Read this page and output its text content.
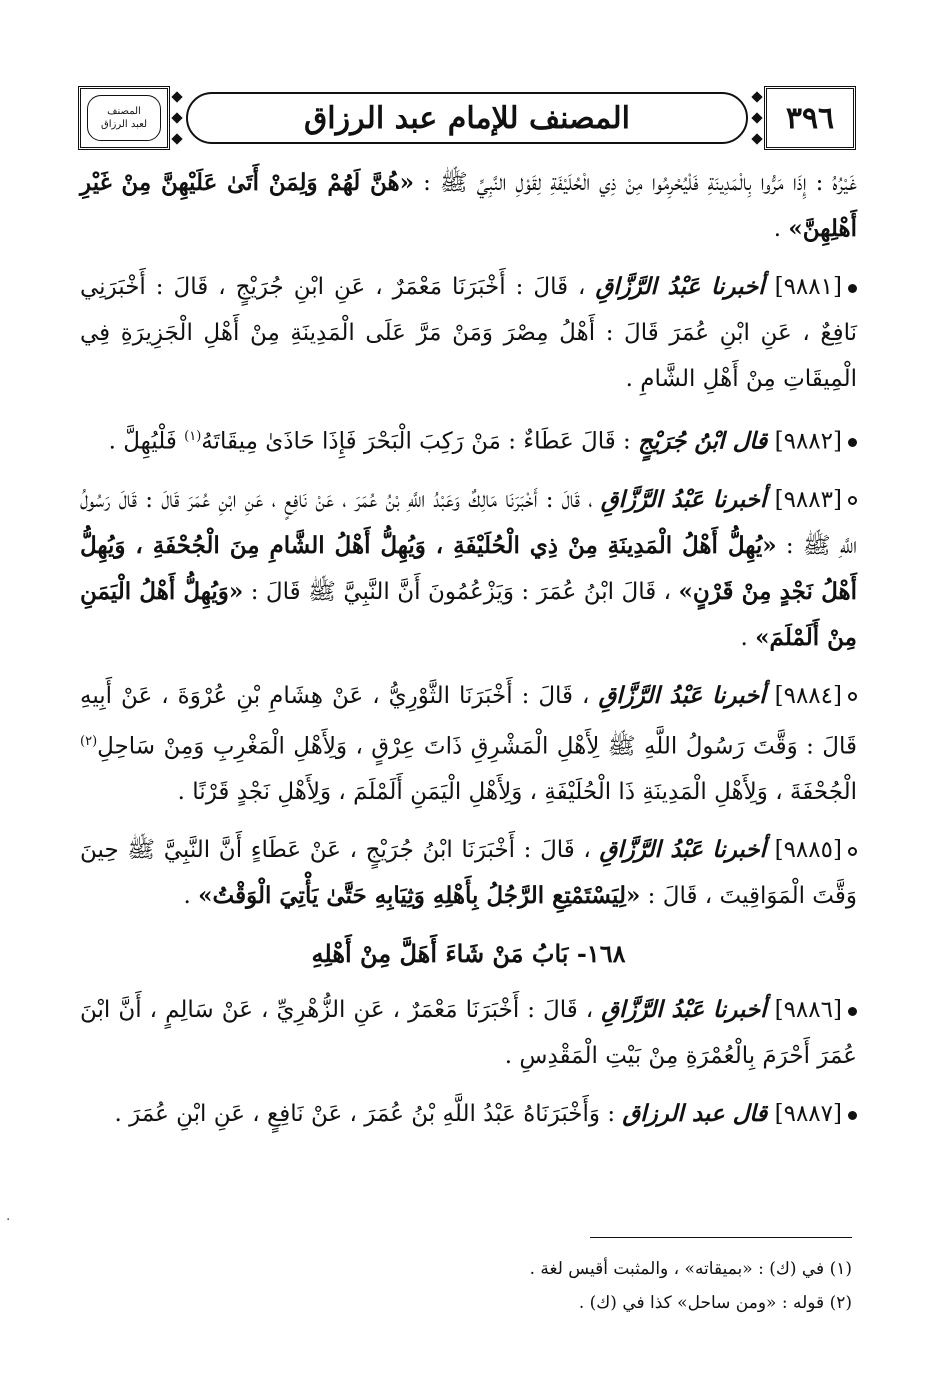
المصنف
لعبد الرزاق	المصنف للإمام عبد الرزاق	٣٩٦

غَيْرُهُ : إِذَا مَرُّوا بِالْمَدِينَةِ فَلْيُحْرِمُوا مِنْ ذِي الْحُلَيْفَةِ لِقَوْلِ النَّبِيِّ ﷺ : «هُنَّ لَهُمْ وَلِمَنْ أَتَىٰ عَلَيْهِنَّ مِنْ غَيْرِ أَهْلِهِنَّ» .

[٩٨٨١] أخبرنا عَبْدُ الرَّزَّاقِ ، قَالَ : أَخْبَرَنَا مَعْمَرٌ ، عَنِ ابْنِ جُرَيْجٍ ، قَالَ : أَخْبَرَنِي نَافِعٌ ، عَنِ ابْنِ عُمَرَ قَالَ : أَهْلُ مِصْرَ وَمَنْ مَرَّ عَلَى الْمَدِينَةِ مِنْ أَهْلِ الْجَزِيرَةِ فِي الْمِيقَاتِ مِنْ أَهْلِ الشَّامِ .

[٩٨٨٢] قال ابْنُ جُرَيْجٍ : قَالَ عَطَاءٌ : مَنْ رَكِبَ الْبَحْرَ فَإِذَا حَاذَىٰ مِيقَاتَهُ$^{(١)}$ فَلْيُهِلَّ .

[٩٨٨٣] أخبرنا عَبْدُ الرَّزَّاقِ ، قَالَ : أَخْبَرَنَا مَالِكٌ وَعَبْدُ اللَّهِ بْنُ عُمَرَ ، عَنْ نَافِعٍ ، عَنِ ابْنِ عُمَرَ قَالَ : قَالَ رَسُولُ اللَّهِ ﷺ : «يُهِلُّ أَهْلُ الْمَدِينَةِ مِنْ ذِي الْحُلَيْفَةِ ، وَيُهِلُّ أَهْلُ الشَّامِ مِنَ الْجُحْفَةِ ، وَيُهِلُّ أَهْلُ نَجْدٍ مِنْ قَرْنٍ» ، قَالَ ابْنُ عُمَرَ : وَيَزْعُمُونَ أَنَّ النَّبِيَّ ﷺ قَالَ : «وَيُهِلُّ أَهْلُ الْيَمَنِ مِنْ أَلَمْلَمَ» .

[٩٨٨٤] أخبرنا عَبْدُ الرَّزَّاقِ ، قَالَ : أَخْبَرَنَا الثَّوْرِيُّ ، عَنْ هِشَامِ بْنِ عُرْوَةَ ، عَنْ أَبِيهِ قَالَ : وَقَّتَ رَسُولُ اللَّهِ ﷺ لِأَهْلِ الْمَشْرِقِ ذَاتَ عِرْقٍ ، وَلِأَهْلِ الْمَغْرِبِ وَمِنْ سَاحِلِ$^{(٢)}$ الْجُحْفَةَ ، وَلِأَهْلِ الْمَدِينَةِ ذَا الْحُلَيْفَةِ ، وَلِأَهْلِ الْيَمَنِ أَلَمْلَمَ ، وَلِأَهْلِ نَجْدٍ قَرْنًا .

[٩٨٨٥] أخبرنا عَبْدُ الرَّزَّاقِ ، قَالَ : أَخْبَرَنَا ابْنُ جُرَيْجٍ ، عَنْ عَطَاءٍ أَنَّ النَّبِيَّ ﷺ حِينَ وَقَّتَ الْمَوَاقِيتَ ، قَالَ : «لِيَسْتَمْتِعِ الرَّجُلُ بِأَهْلِهِ وَثِيَابِهِ حَتَّىٰ يَأْتِيَ الْوَقْتُ» .

١٦٨- بَابُ مَنْ شَاءَ أَهَلَّ مِنْ أَهْلِهِ

[٩٨٨٦] أخبرنا عَبْدُ الرَّزَّاقِ ، قَالَ : أَخْبَرَنَا مَعْمَرٌ ، عَنِ الزُّهْرِيِّ ، عَنْ سَالِمٍ ، أَنَّ ابْنَ عُمَرَ أَحْرَمَ بِالْعُمْرَةِ مِنْ بَيْتِ الْمَقْدِسِ .

[٩٨٨٧] قال عبد الرزاق : وَأَخْبَرَنَاهُ عَبْدُ اللَّهِ بْنُ عُمَرَ ، عَنْ نَافِعٍ ، عَنِ ابْنِ عُمَرَ .

(١) في (ك) : «بميقاته» ، والمثبت أقيس لغة .
(٢) قوله : «ومن ساحل» كذا في (ك) .
·
